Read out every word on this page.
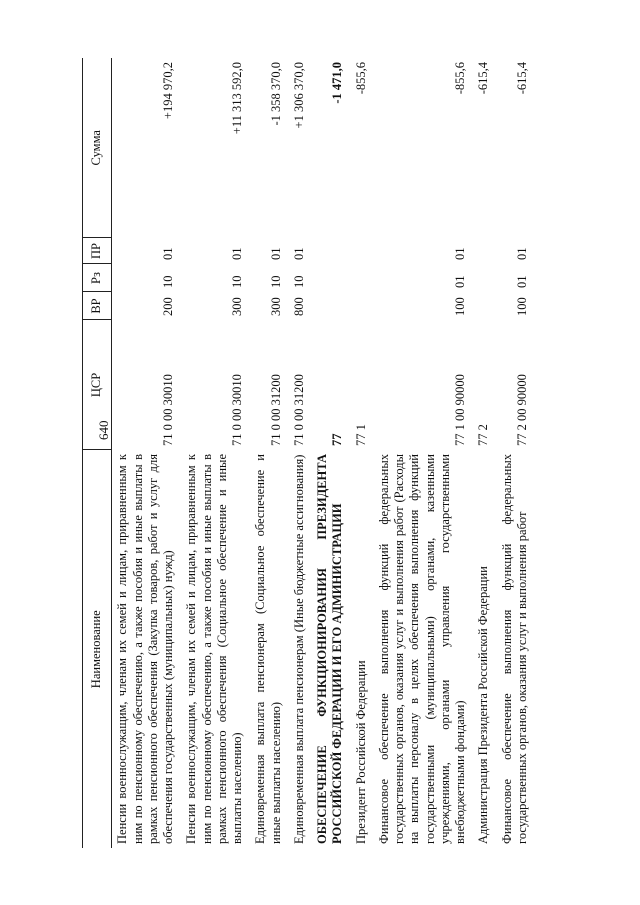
640
Наименование	ЦСР	ВР	Рз	ПР	Сумма
Пенсии военнослужащим, членам их семей и лицам, приравненным к ним по пенсионному обеспечению, а также пособия и иные выплаты в рамках пенсионного обеспечения (Закупка товаров, работ и услуг для обеспечения государственных (муниципальных) нужд)	71 0 00 30010	200	10	01	+194 970,2
Пенсии военнослужащим, членам их семей и лицам, приравненным к ним по пенсионному обеспечению, а также пособия и иные выплаты в рамках пенсионного обеспечения (Социальное обеспечение и иные выплаты населению)	71 0 00 30010	300	10	01	+11 313 592,0
Единовременная выплата пенсионерам (Социальное обеспечение и иные выплаты населению)	71 0 00 31200	300	10	01	-1 358 370,0
Единовременная выплата пенсионерам (Иные бюджетные ассигнования)	71 0 00 31200	800	10	01	+1 306 370,0
ОБЕСПЕЧЕНИЕ ФУНКЦИОНИРОВАНИЯ ПРЕЗИДЕНТА РОССИЙСКОЙ ФЕДЕРАЦИИ И ЕГО АДМИНИСТРАЦИИ	77				-1 471,0
Президент Российской Федерации	77 1				-855,6
Финансовое обеспечение выполнения функций федеральных государственных органов, оказания услуг и выполнения работ (Расходы на выплаты персоналу в целях обеспечения выполнения функций государственными (муниципальными) органами, казенными учреждениями, органами управления государственными внебюджетными фондами)	77 1 00 90000	100	01	01	-855,6
Администрация Президента Российской Федерации	77 2				-615,4
Финансовое обеспечение выполнения функций федеральных государственных органов, оказания услуг и выполнения работ	77 2 00 90000	100	01	01	-615,4
